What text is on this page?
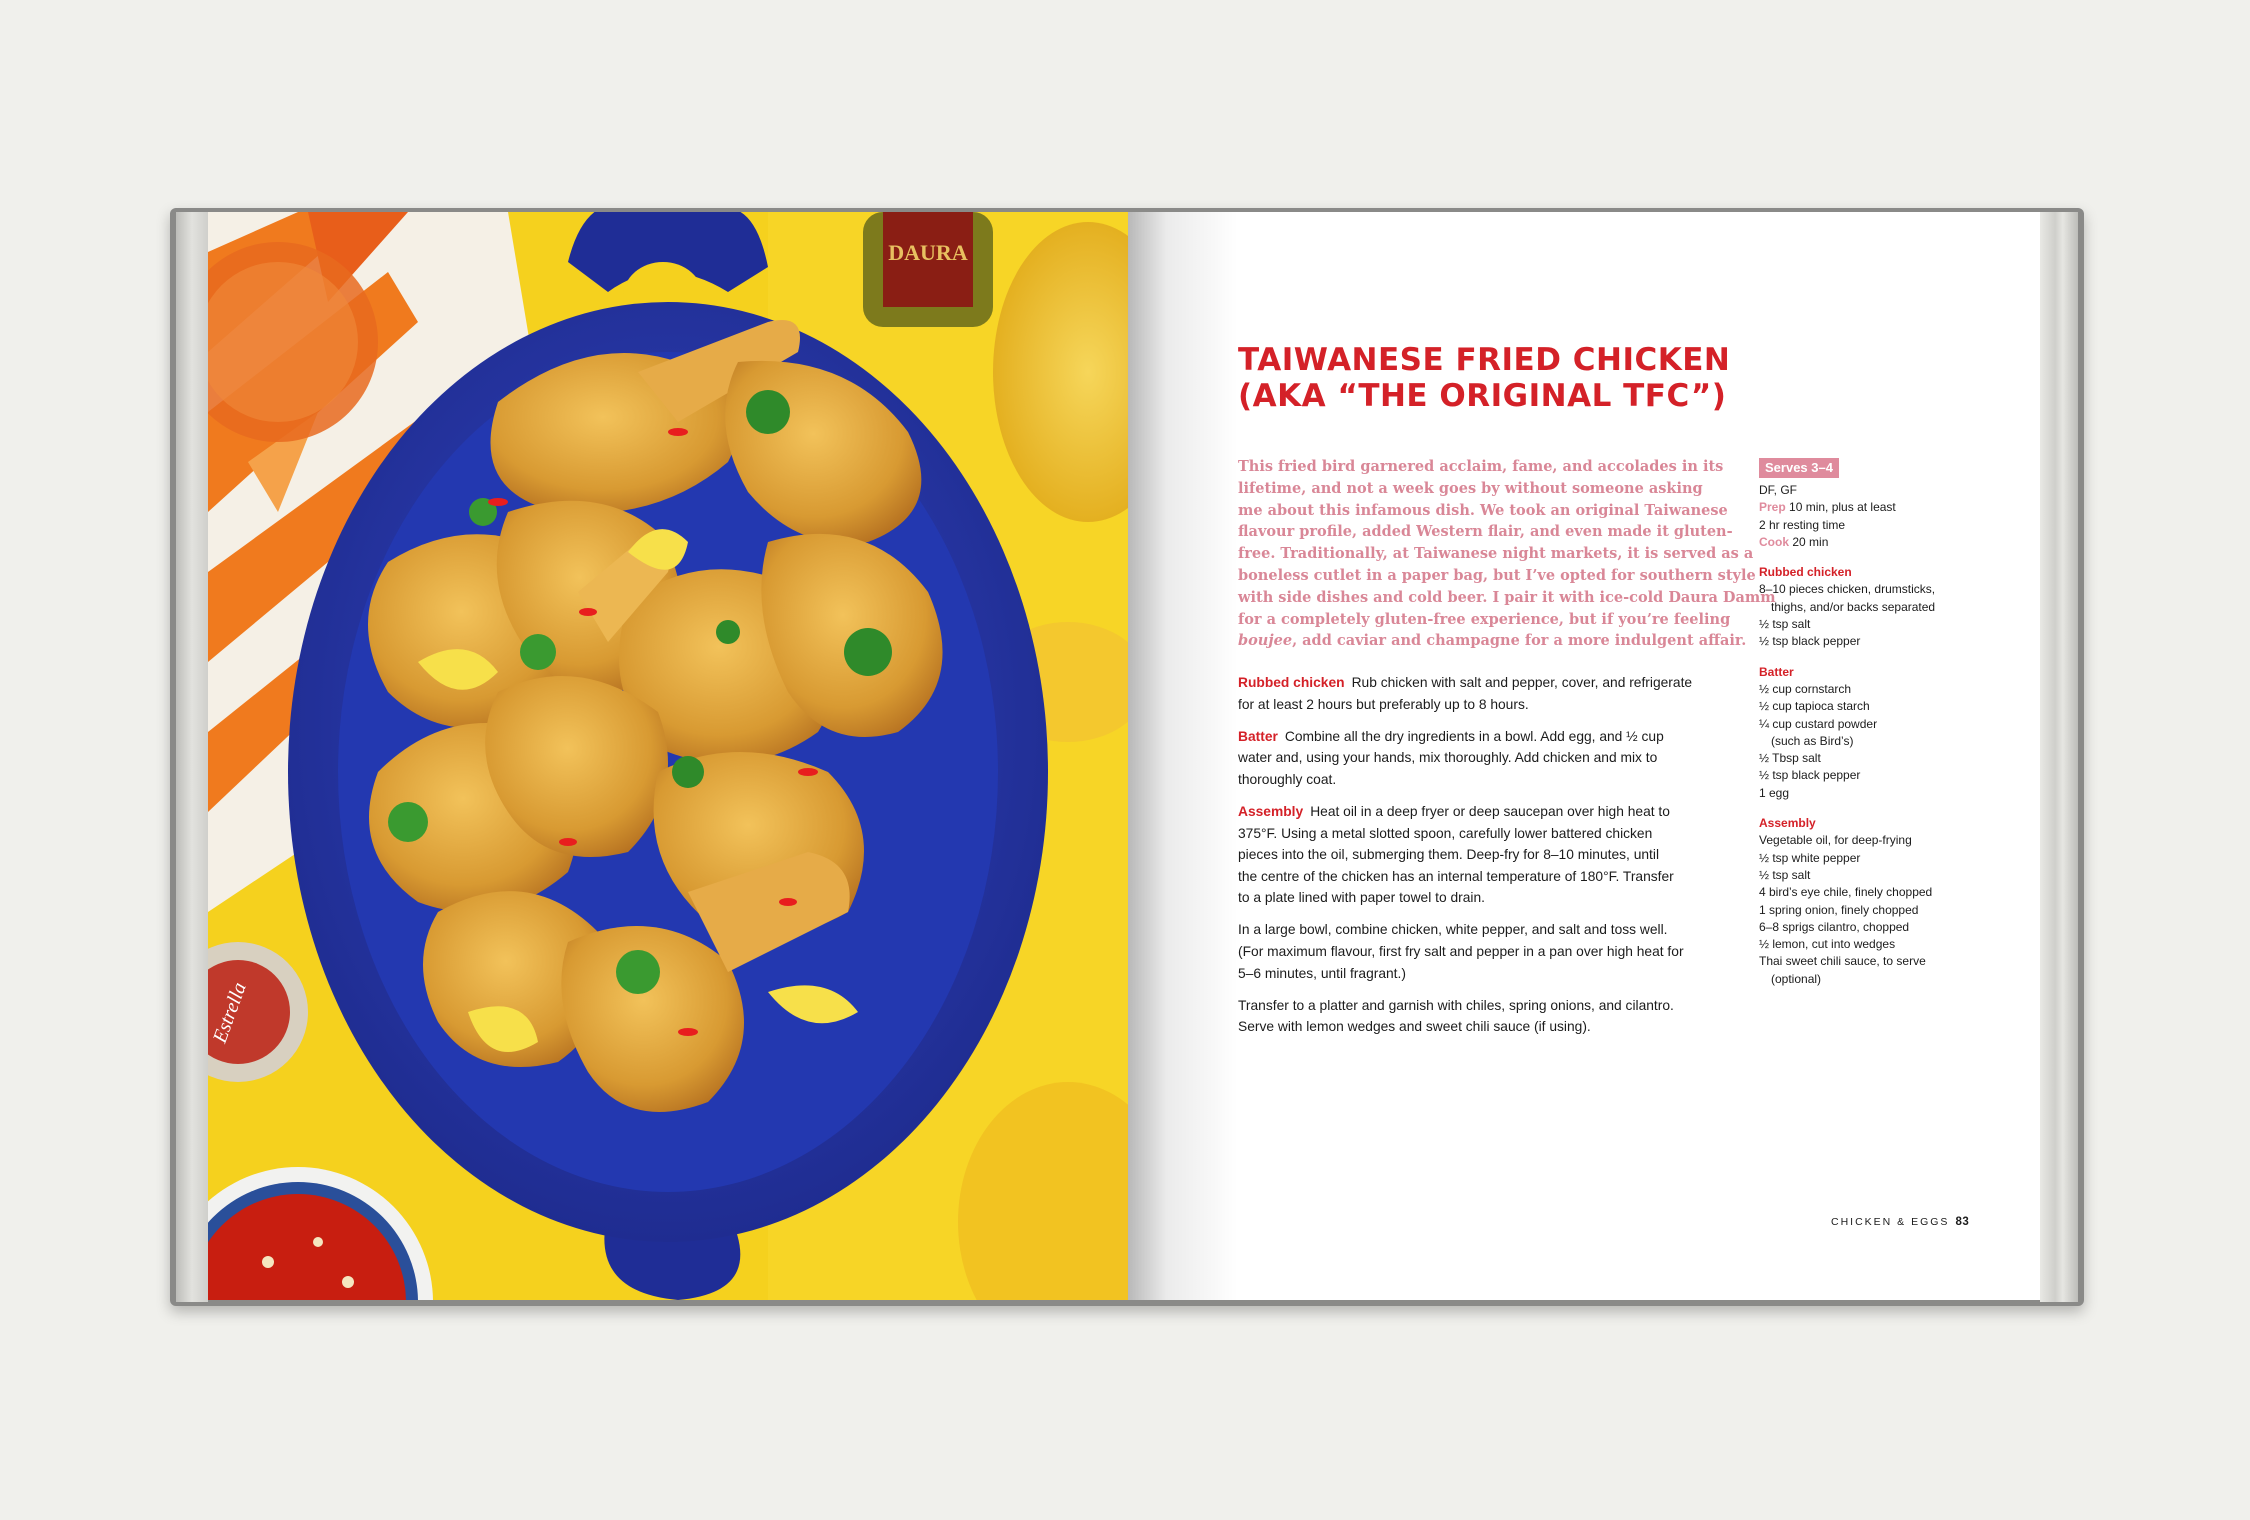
DAURA
Estrella
TAIWANESE FRIED CHICKEN
(AKA “THE ORIGINAL TFC”)
This fried bird garnered acclaim, fame, and accolades in its
lifetime, and not a week goes by without someone asking
me about this infamous dish. We took an original Taiwanese
flavour profile, added Western flair, and even made it gluten-
free. Traditionally, at Taiwanese night markets, it is served as a
boneless cutlet in a paper bag, but I’ve opted for southern style
with side dishes and cold beer. I pair it with ice-cold Daura Damm
for a completely gluten-free experience, but if you’re feeling
boujee, add caviar and champagne for a more indulgent affair.

Rubbed chicken Rub chicken with salt and pepper, cover, and refrigerate
for at least 2 hours but preferably up to 8 hours.

Batter Combine all the dry ingredients in a bowl. Add egg, and ½ cup
water and, using your hands, mix thoroughly. Add chicken and mix to
thoroughly coat.

Assembly Heat oil in a deep fryer or deep saucepan over high heat to
375°F. Using a metal slotted spoon, carefully lower battered chicken
pieces into the oil, submerging them. Deep-fry for 8–10 minutes, until
the centre of the chicken has an internal temperature of 180°F. Transfer
to a plate lined with paper towel to drain.

In a large bowl, combine chicken, white pepper, and salt and toss well.
(For maximum flavour, first fry salt and pepper in a pan over high heat for
5–6 minutes, until fragrant.)

Transfer to a platter and garnish with chiles, spring onions, and cilantro.
Serve with lemon wedges and sweet chili sauce (if using).

Serves 3–4
DF, GF
Prep 10 min, plus at least
2 hr resting time
Cook 20 min
Rubbed chicken
8–10 pieces chicken, drumsticks,
thighs, and/or backs separated
½ tsp salt
½ tsp black pepper
Batter
½ cup cornstarch
½ cup tapioca starch
¼ cup custard powder
(such as Bird’s)
½ Tbsp salt
½ tsp black pepper
1 egg
Assembly
Vegetable oil, for deep-frying
½ tsp white pepper
½ tsp salt
4 bird’s eye chile, finely chopped
1 spring onion, finely chopped
6–8 sprigs cilantro, chopped
½ lemon, cut into wedges
Thai sweet chili sauce, to serve
(optional)
CHICKEN & EGGS 83
